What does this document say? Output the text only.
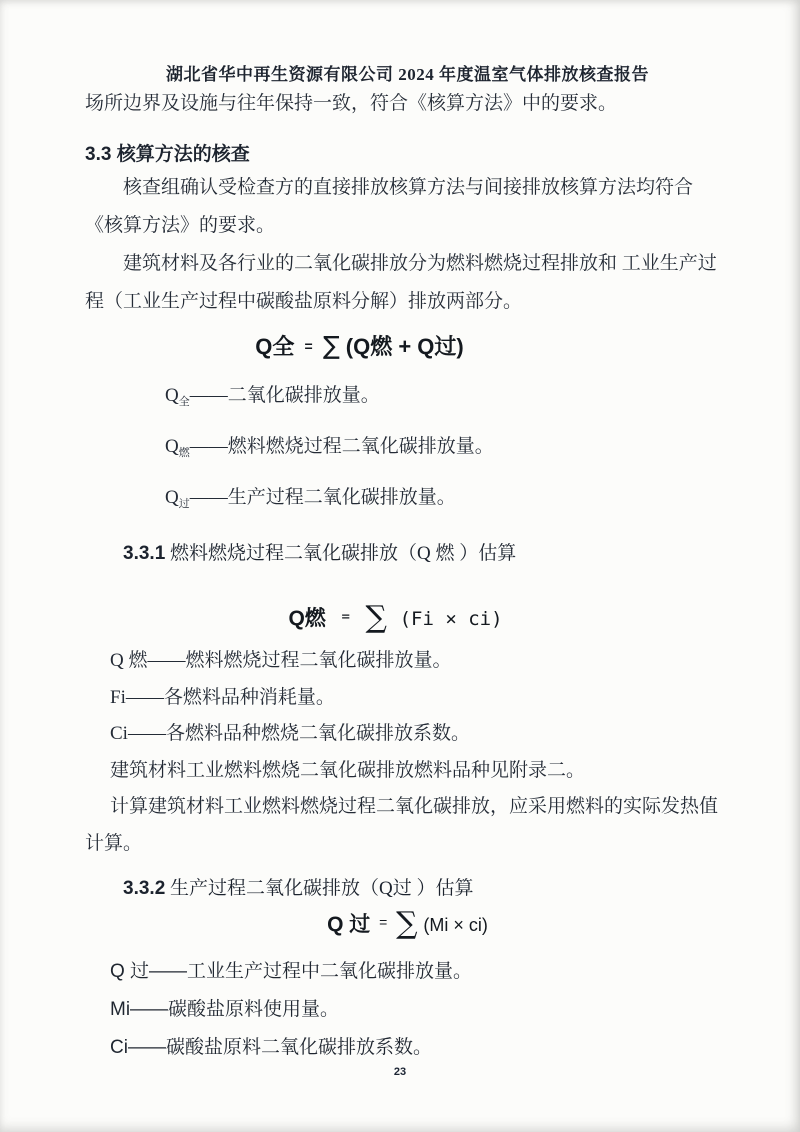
湖北省华中再生资源有限公司 2024 年度温室气体排放核查报告

场所边界及设施与往年保持一致，符合《核算方法》中的要求。

3.3 核算方法的核查

核查组确认受检查方的直接排放核算方法与间接排放核算方法均符合《核算方法》的要求。

建筑材料及各行业的二氧化碳排放分为燃料燃烧过程排放和 工业生产过程（工业生产过程中碳酸盐原料分解）排放两部分。

Q全 = ∑ (Q燃 + Q过)
$Q_全——$二氧化碳排放量。
$Q_燃——$燃料燃烧过程二氧化碳排放量。
$Q_过——$生产过程二氧化碳排放量。
3.3.1 燃料燃烧过程二氧化碳排放（Q 燃 ）估算
Q燃 = ∑ (Fi × ci)

Q 燃——燃料燃烧过程二氧化碳排放量。

Fi——各燃料品种消耗量。

Ci——各燃料品种燃烧二氧化碳排放系数。

建筑材料工业燃料燃烧二氧化碳排放燃料品种见附录二。

计算建筑材料工业燃料燃烧过程二氧化碳排放，应采用燃料的实际发热值计算。

3.3.2 生产过程二氧化碳排放（Q过 ）估算
Q 过 = ∑ (Mi × ci)

Q 过——工业生产过程中二氧化碳排放量。

Mi——碳酸盐原料使用量。

Ci——碳酸盐原料二氧化碳排放系数。

23
